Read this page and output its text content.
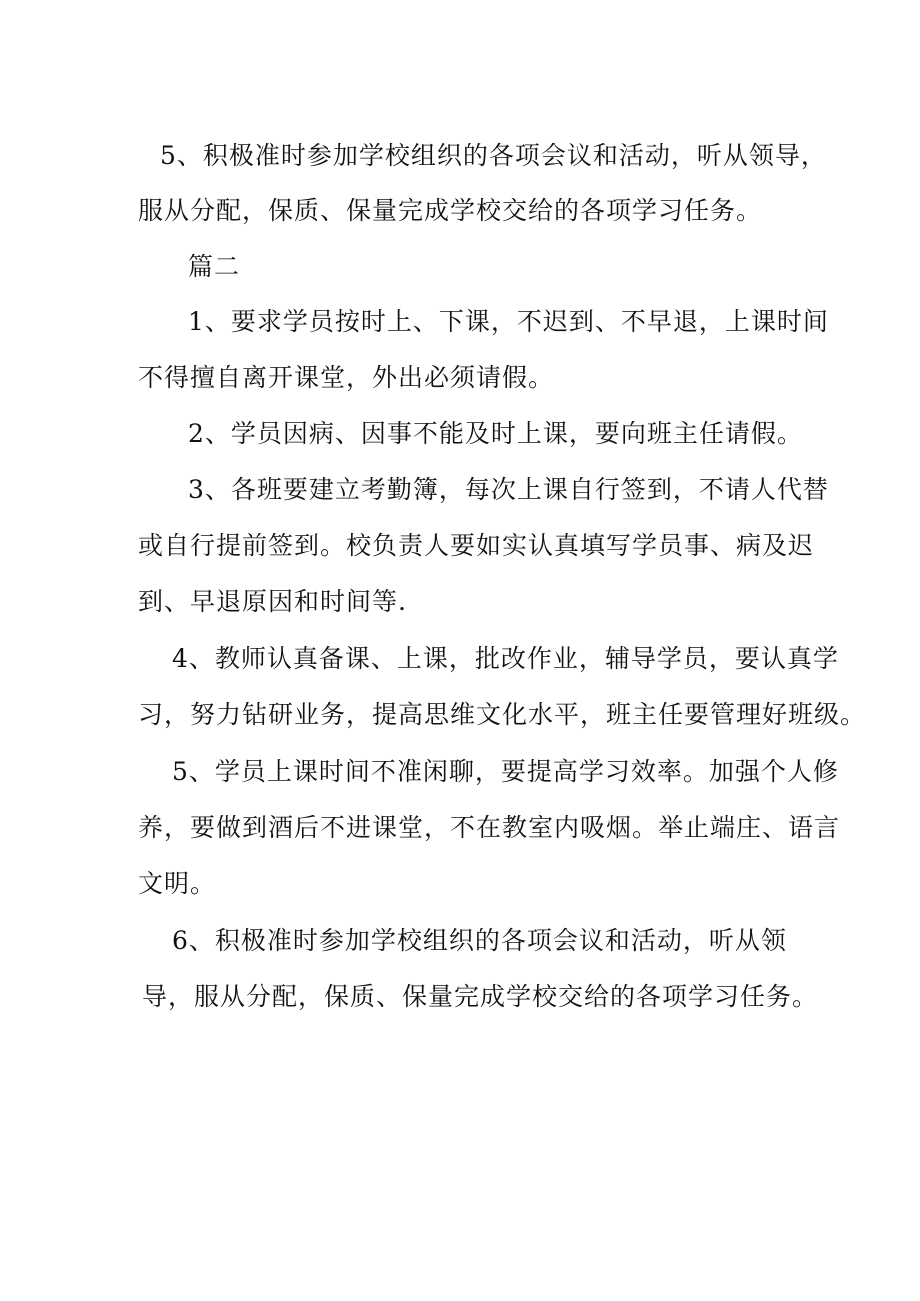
5、积极准时参加学校组织的各项会议和活动，听从领导，
服从分配，保质、保量完成学校交给的各项学习任务。
篇二
1、要求学员按时上、下课，不迟到、不早退，上课时间
不得擅自离开课堂，外出必须请假。
2、学员因病、因事不能及时上课，要向班主任请假。
3、各班要建立考勤簿，每次上课自行签到，不请人代替
或自行提前签到。校负责人要如实认真填写学员事、病及迟
到、早退原因和时间等.
4、教师认真备课、上课，批改作业，辅导学员，要认真学
习，努力钻研业务，提高思维文化水平，班主任要管理好班级。
5、学员上课时间不准闲聊，要提高学习效率。加强个人修
养，要做到酒后不进课堂，不在教室内吸烟。举止端庄、语言
文明。
6、积极准时参加学校组织的各项会议和活动，听从领
导，服从分配，保质、保量完成学校交给的各项学习任务。
